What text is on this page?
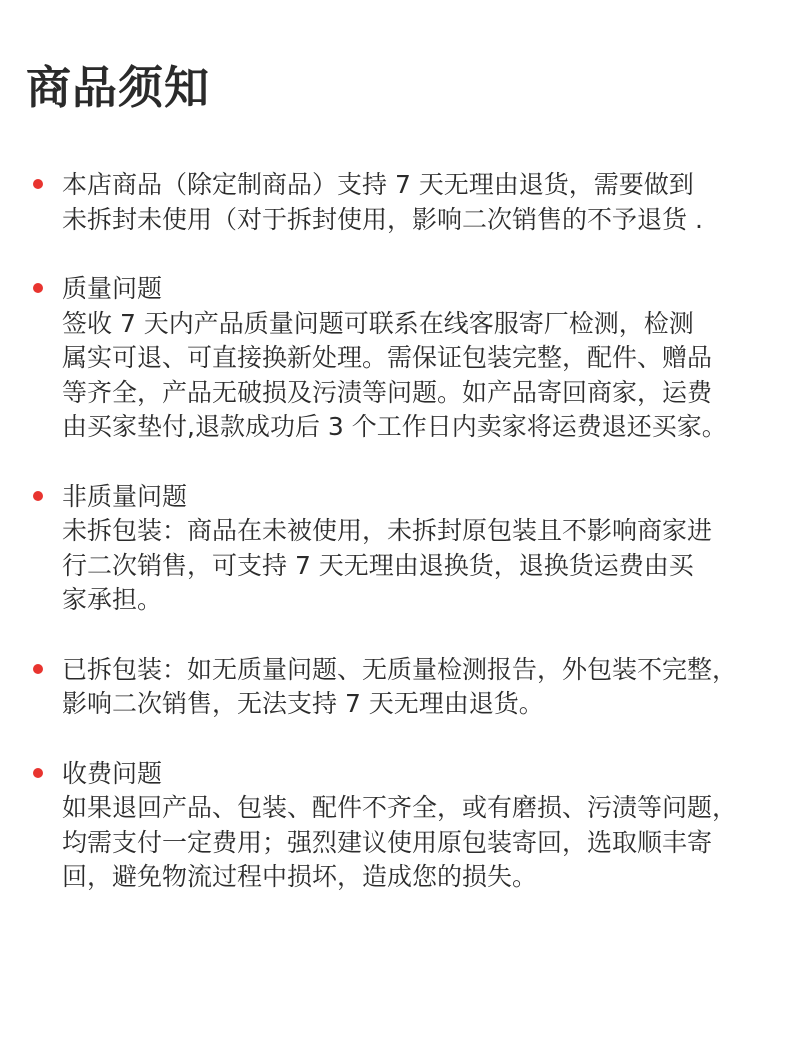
商品须知
本店商品（除定制商品）支持 7 天无理由退货，需要做到
未拆封未使用（对于拆封使用，影响二次销售的不予退货 .
质量问题
签收 7 天内产品质量问题可联系在线客服寄厂检测，检测
属实可退、可直接换新处理。需保证包装完整，配件、赠品
等齐全，产品无破损及污渍等问题。如产品寄回商家，运费
由买家垫付,退款成功后 3 个工作日内卖家将运费退还买家。
非质量问题
未拆包装：商品在未被使用，未拆封原包装且不影响商家进
行二次销售，可支持 7 天无理由退换货，退换货运费由买
家承担。
已拆包装：如无质量问题、无质量检测报告，外包装不完整，
影响二次销售，无法支持 7 天无理由退货。
收费问题
如果退回产品、包装、配件不齐全，或有磨损、污渍等问题，
均需支付一定费用；强烈建议使用原包装寄回，选取顺丰寄
回，避免物流过程中损坏，造成您的损失。
